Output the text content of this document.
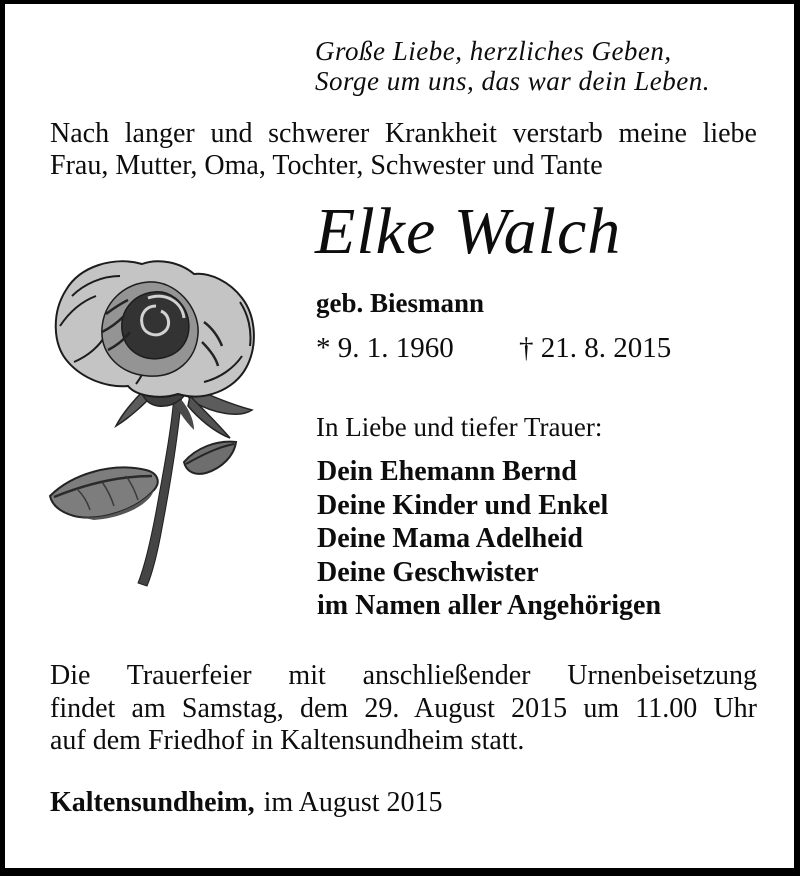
Große Liebe, herzliches Geben,
Sorge um uns, das war dein Leben.
Nach langer und schwerer Krankheit verstarb meine liebe
Frau, Mutter, Oma, Tochter, Schwester und Tante
Elke Walch
geb. Biesmann
* 9. 1. 1960 † 21. 8. 2015
In Liebe und tiefer Trauer:
Dein Ehemann Bernd
Deine Kinder und Enkel
Deine Mama Adelheid
Deine Geschwister
im Namen aller Angehörigen
Die Trauerfeier mit anschließender Urnenbeisetzung
findet am Samstag, dem 29. August 2015 um 11.00 Uhr
auf dem Friedhof in Kaltensundheim statt.
Kaltensundheim, im August 2015
